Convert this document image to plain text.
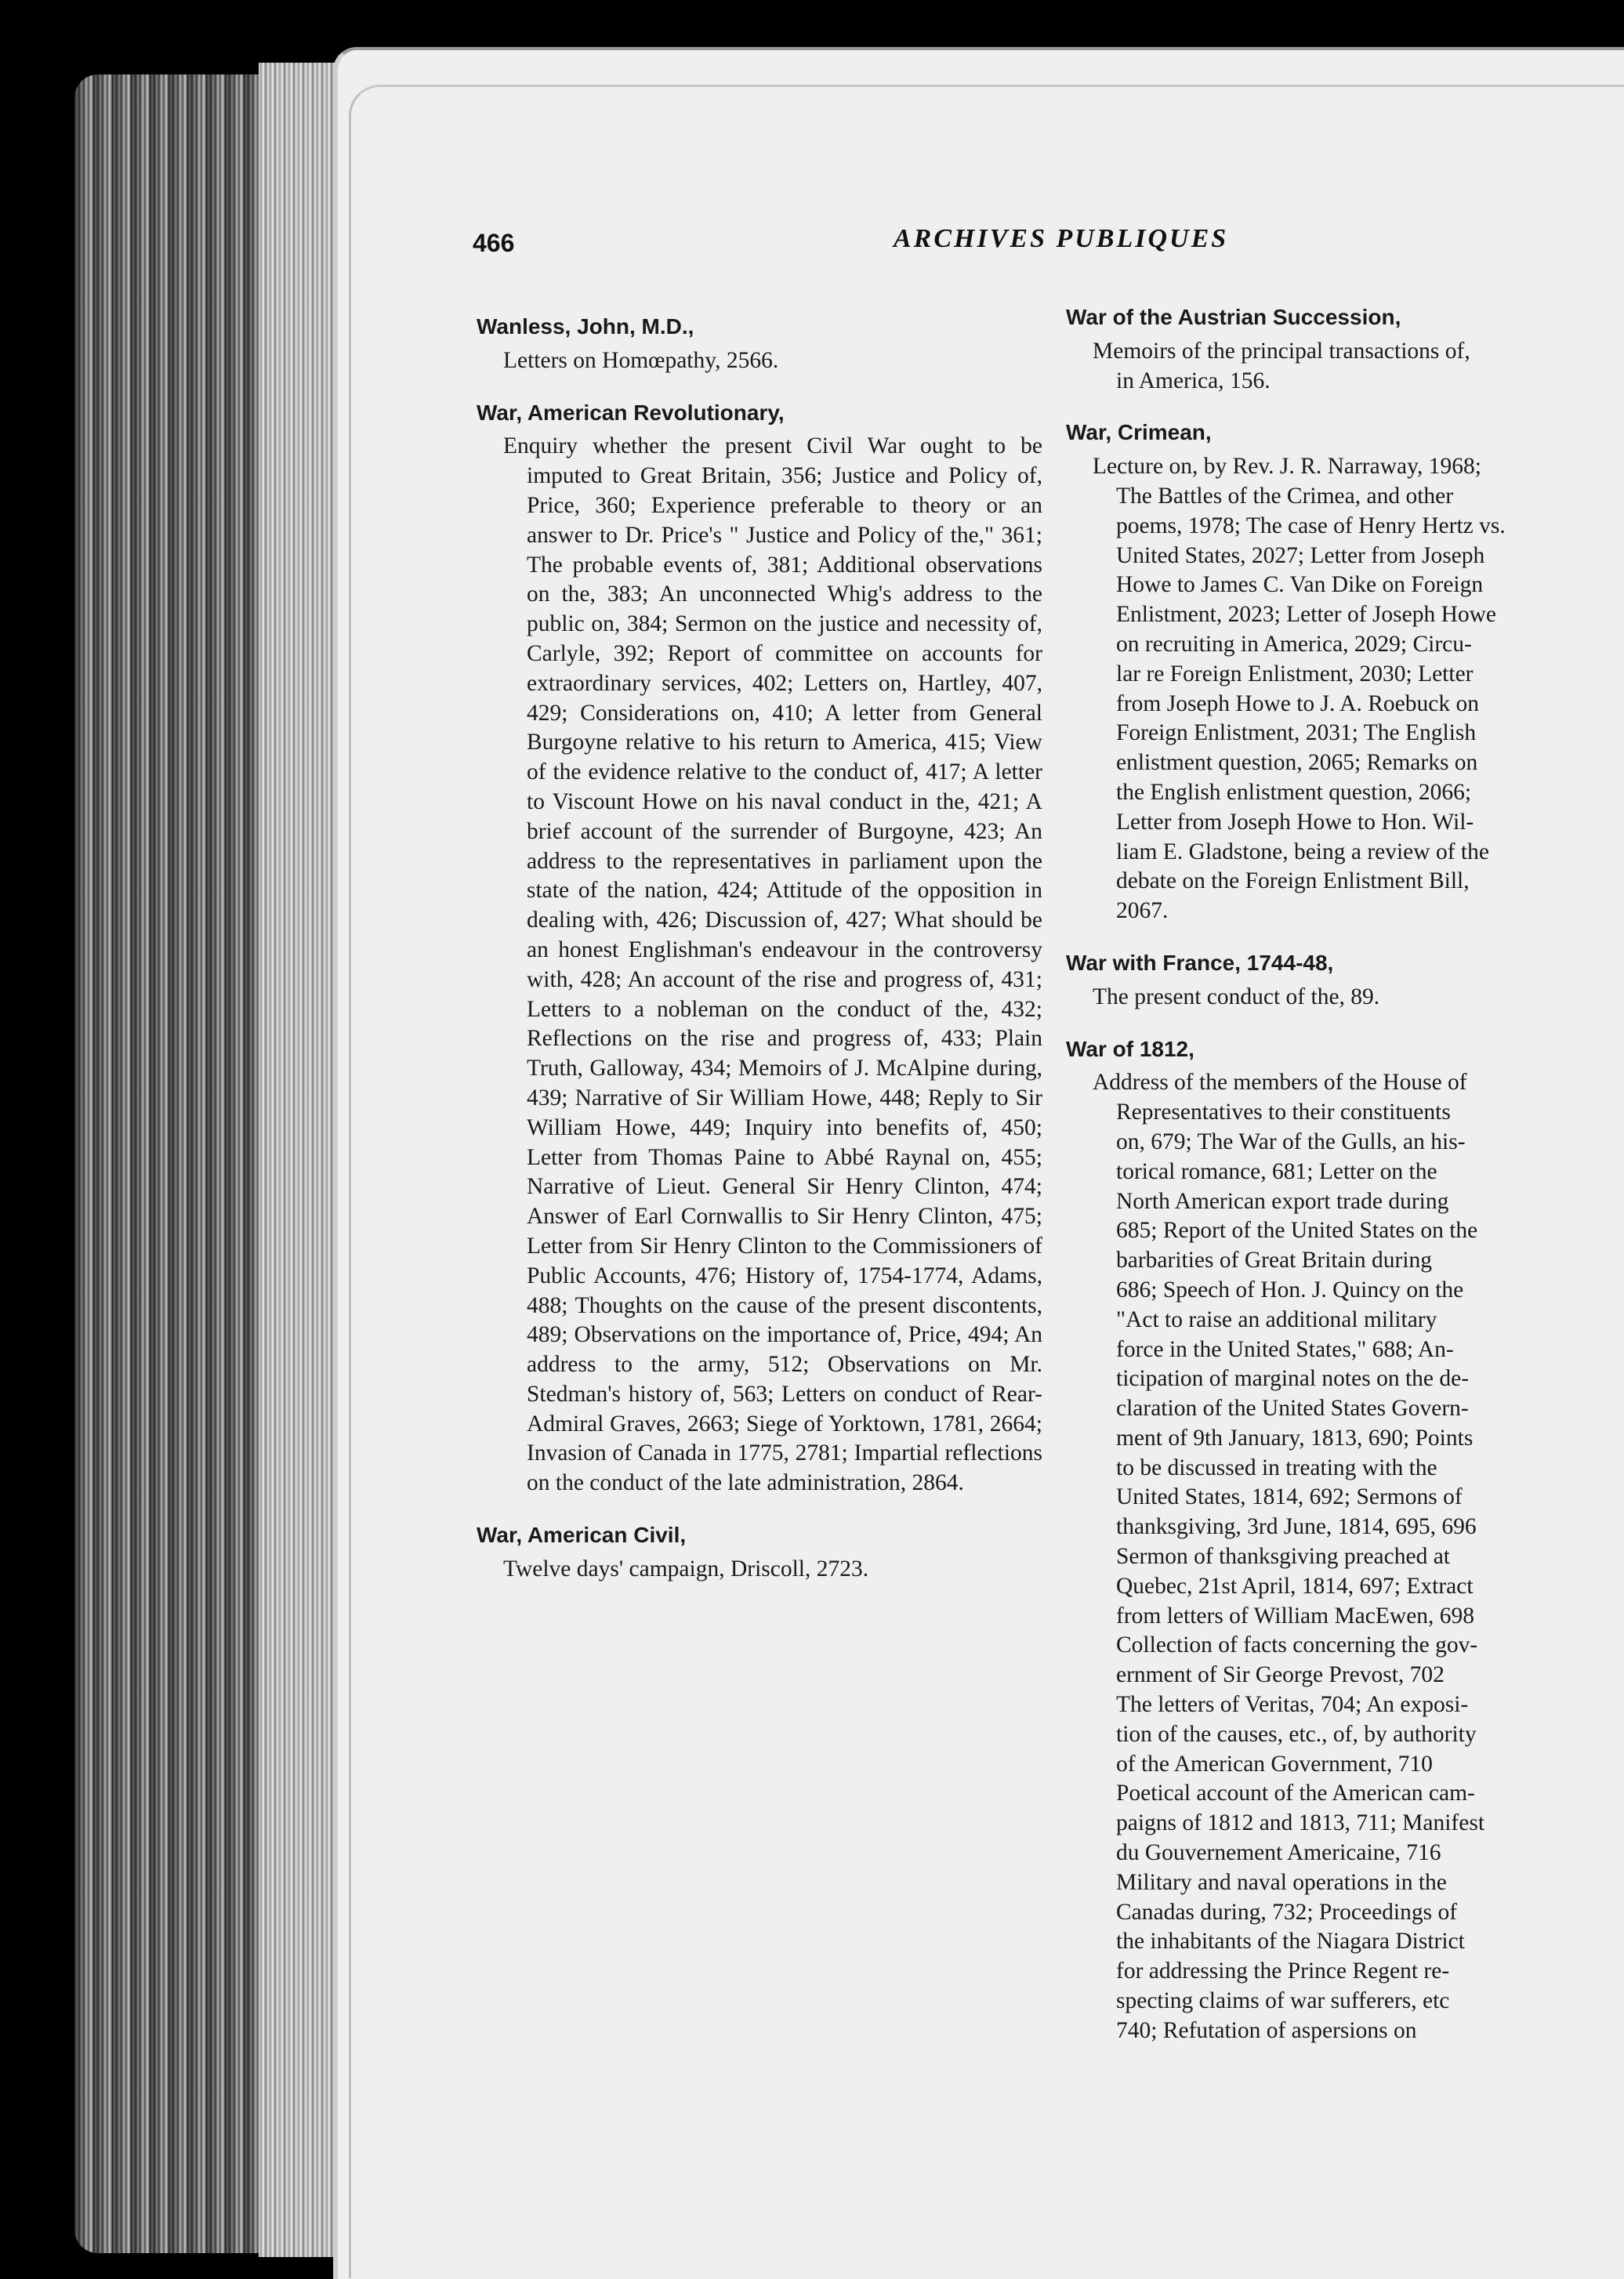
466	ARCHIVES PUBLIQUES
Wanless, John, M.D.,
Letters on Homœpathy, 2566.
War, American Revolutionary,
Enquiry whether the present Civil War ought to be imputed to Great Britain, 356; Justice and Policy of, Price, 360; Experience preferable to theory or an answer to Dr. Price's " Justice and Policy of the," 361; The probable events of, 381; Additional observations on the, 383; An unconnected Whig's address to the public on, 384; Sermon on the justice and necessity of, Carlyle, 392; Report of committee on accounts for extraordinary services, 402; Letters on, Hartley, 407, 429; Considerations on, 410; A letter from General Burgoyne relative to his return to America, 415; View of the evidence relative to the conduct of, 417; A letter to Viscount Howe on his naval conduct in the, 421; A brief account of the surrender of Burgoyne, 423; An address to the representatives in parliament upon the state of the nation, 424; Attitude of the opposition in dealing with, 426; Discussion of, 427; What should be an honest Englishman's endeavour in the controversy with, 428; An account of the rise and progress of, 431; Letters to a nobleman on the conduct of the, 432; Reflections on the rise and progress of, 433; Plain Truth, Galloway, 434; Memoirs of J. McAlpine during, 439; Narrative of Sir William Howe, 448; Reply to Sir William Howe, 449; Inquiry into benefits of, 450; Letter from Thomas Paine to Abbé Raynal on, 455; Narrative of Lieut. General Sir Henry Clinton, 474; Answer of Earl Cornwallis to Sir Henry Clinton, 475; Letter from Sir Henry Clinton to the Commissioners of Public Accounts, 476; History of, 1754-1774, Adams, 488; Thoughts on the cause of the present discontents, 489; Observations on the importance of, Price, 494; An address to the army, 512; Observations on Mr. Stedman's history of, 563; Letters on conduct of Rear-Admiral Graves, 2663; Siege of Yorktown, 1781, 2664; Invasion of Canada in 1775, 2781; Impartial reflections on the conduct of the late administration, 2864.
War, American Civil,
Twelve days' campaign, Driscoll, 2723.
War of the Austrian Succession,
Memoirs of the principal transactions of,
in America, 156.
War, Crimean,
Lecture on, by Rev. J. R. Narraway, 1968;
The Battles of the Crimea, and other
poems, 1978; The case of Henry Hertz vs.
United States, 2027; Letter from Joseph
Howe to James C. Van Dike on Foreign
Enlistment, 2023; Letter of Joseph Howe
on recruiting in America, 2029; Circu-
lar re Foreign Enlistment, 2030; Letter
from Joseph Howe to J. A. Roebuck on
Foreign Enlistment, 2031; The English
enlistment question, 2065; Remarks on
the English enlistment question, 2066;
Letter from Joseph Howe to Hon. Wil-
liam E. Gladstone, being a review of the
debate on the Foreign Enlistment Bill,
2067.
War with France, 1744-48,
The present conduct of the, 89.
War of 1812,
Address of the members of the House of
Representatives to their constituents
on, 679; The War of the Gulls, an his-
torical romance, 681; Letter on the
North American export trade during
685; Report of the United States on the
barbarities of Great Britain during
686; Speech of Hon. J. Quincy on the
"Act to raise an additional military
force in the United States," 688; An-
ticipation of marginal notes on the de-
claration of the United States Govern-
ment of 9th January, 1813, 690; Points
to be discussed in treating with the
United States, 1814, 692; Sermons of
thanksgiving, 3rd June, 1814, 695, 696
Sermon of thanksgiving preached at
Quebec, 21st April, 1814, 697; Extract
from letters of William MacEwen, 698
Collection of facts concerning the gov-
ernment of Sir George Prevost, 702
The letters of Veritas, 704; An exposi-
tion of the causes, etc., of, by authority
of the American Government, 710
Poetical account of the American cam-
paigns of 1812 and 1813, 711; Manifest
du Gouvernement Americaine, 716
Military and naval operations in the
Canadas during, 732; Proceedings of
the inhabitants of the Niagara District
for addressing the Prince Regent re-
specting claims of war sufferers, etc
740; Refutation of aspersions on
